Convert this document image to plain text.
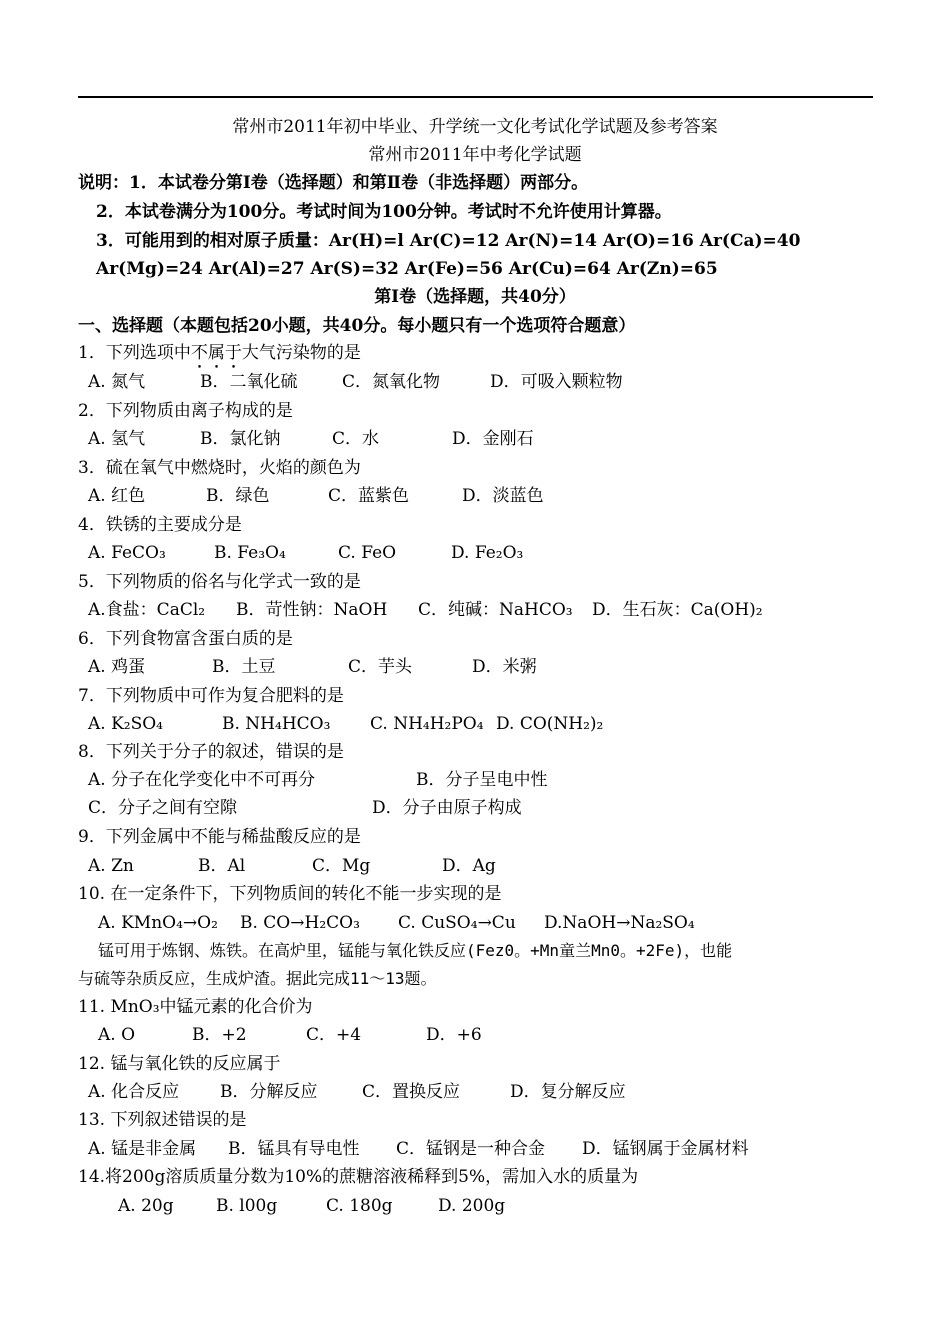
常州市2011年初中毕业、升学统一文化考试化学试题及参考答案
常州市2011年中考化学试题
说明：1．本试卷分第Ⅰ卷（选择题）和第Ⅱ卷（非选择题）两部分。
2．本试卷满分为100分。考试时间为100分钟。考试时不允许使用计算器。
3．可能用到的相对原子质量：Ar(H)=l Ar(C)=12 Ar(N)=14 Ar(O)=16 Ar(Ca)=40
Ar(Mg)=24 Ar(Al)=27 Ar(S)=32 Ar(Fe)=56 Ar(Cu)=64 Ar(Zn)=65
第Ⅰ卷（选择题，共40分）
一、选择题（本题包括20小题，共40分。每小题只有一个选项符合题意）
1．下列选项中不属于大气污染物的是
A. 氮气	B．二氧化硫	C．氮氧化物	D．可吸入颗粒物
2．下列物质由离子构成的是
A. 氢气	B．氯化钠	C．水	D．金刚石
3．硫在氧气中燃烧时，火焰的颜色为
A. 红色	B．绿色	C．蓝紫色	D．淡蓝色
4．铁锈的主要成分是
A. FeCO₃	B. Fe₃O₄	C. FeO	D. Fe₂O₃
5．下列物质的俗名与化学式一致的是
A.食盐：CaCl₂ B．苛性钠：NaOH C．纯碱：NaHCO₃ D．生石灰：Ca(OH)₂
6．下列食物富含蛋白质的是
A. 鸡蛋	B．土豆	C．芋头	D．米粥
7．下列物质中可作为复合肥料的是
A. K₂SO₄	B. NH₄HCO₃ C. NH₄H₂PO₄ D. CO(NH₂)₂
8．下列关于分子的叙述，错误的是
A. 分子在化学变化中不可再分	B．分子呈电中性
C．分子之间有空隙	D．分子由原子构成
9．下列金属中不能与稀盐酸反应的是
A. Zn	B．Al	C．Mg	D．Ag
10. 在一定条件下，下列物质间的转化不能一步实现的是
A. KMnO₄→O₂ B. CO→H₂CO₃ C. CuSO₄→Cu D.NaOH→Na₂SO₄
锰可用于炼钢、炼铁。在高炉里，锰能与氧化铁反应(Fez0。+Mn童兰Mn0。+2Fe)，也能
与硫等杂质反应，生成炉渣。据此完成11～13题。
11. MnO₃中锰元素的化合价为
A. O	B．+2	C．+4	D．+6
12. 锰与氧化铁的反应属于
A. 化合反应 B．分解反应	C．置换反应	D．复分解反应
13. 下列叙述错误的是
A. 锰是非金属 B．锰具有导电性 C．锰钢是一种合金 D．锰钢属于金属材料
14.将200g溶质质量分数为10%的蔗糖溶液稀释到5%，需加入水的质量为
A. 20g B. l00g	C. 180g	D. 200g
